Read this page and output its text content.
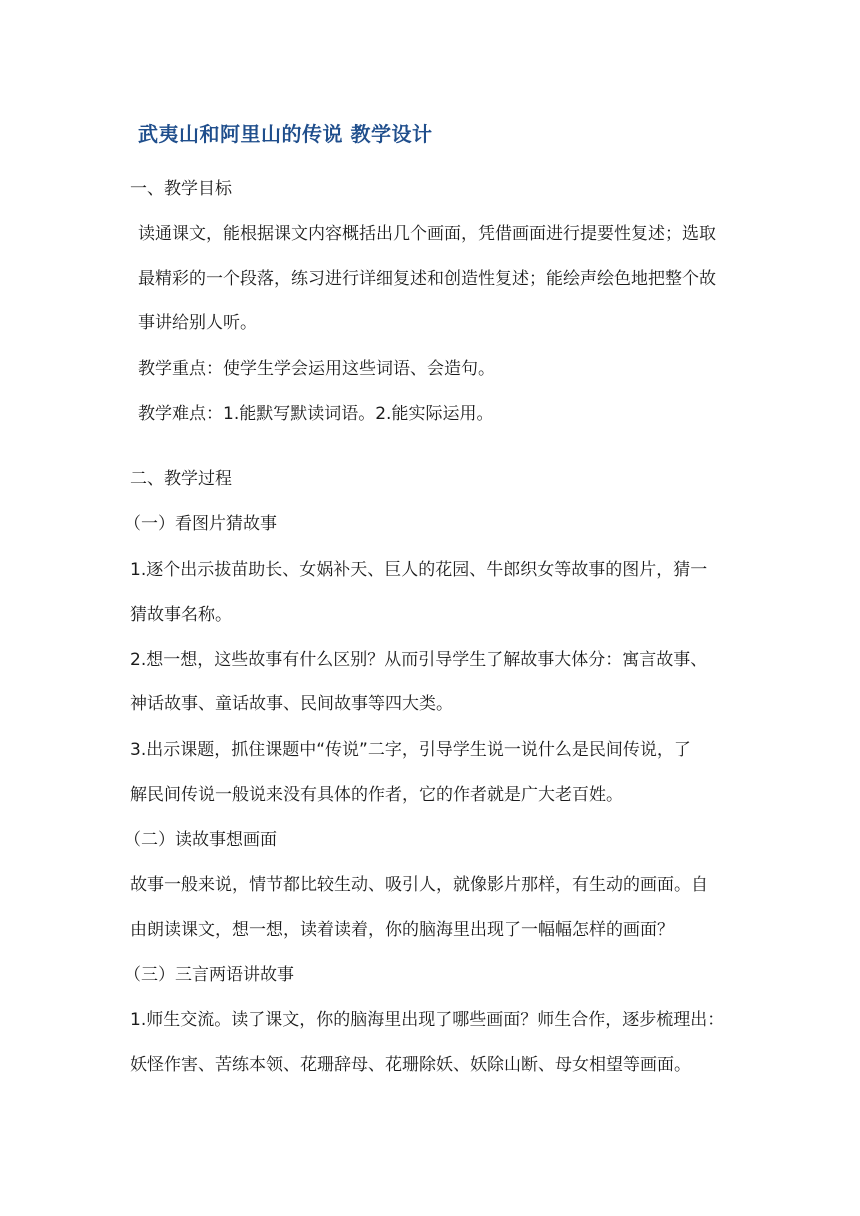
武夷山和阿里山的传说 教学设计
一、教学目标
读通课文，能根据课文内容概括出几个画面，凭借画面进行提要性复述；选取
最精彩的一个段落，练习进行详细复述和创造性复述；能绘声绘色地把整个故
事讲给别人听。
教学重点：使学生学会运用这些词语、会造句。
教学难点：1.能默写默读词语。2.能实际运用。
二、教学过程
（一）看图片猜故事
1.逐个出示拔苗助长、女娲补天、巨人的花园、牛郎织女等故事的图片，猜一
猜故事名称。
2.想一想，这些故事有什么区别？从而引导学生了解故事大体分：寓言故事、
神话故事、童话故事、民间故事等四大类。
3.出示课题，抓住课题中“传说”二字，引导学生说一说什么是民间传说，了
解民间传说一般说来没有具体的作者，它的作者就是广大老百姓。
（二）读故事想画面
故事一般来说，情节都比较生动、吸引人，就像影片那样，有生动的画面。自
由朗读课文，想一想，读着读着，你的脑海里出现了一幅幅怎样的画面？
（三）三言两语讲故事
1.师生交流。读了课文，你的脑海里出现了哪些画面？师生合作，逐步梳理出：
妖怪作害、苦练本领、花珊辞母、花珊除妖、妖除山断、母女相望等画面。
